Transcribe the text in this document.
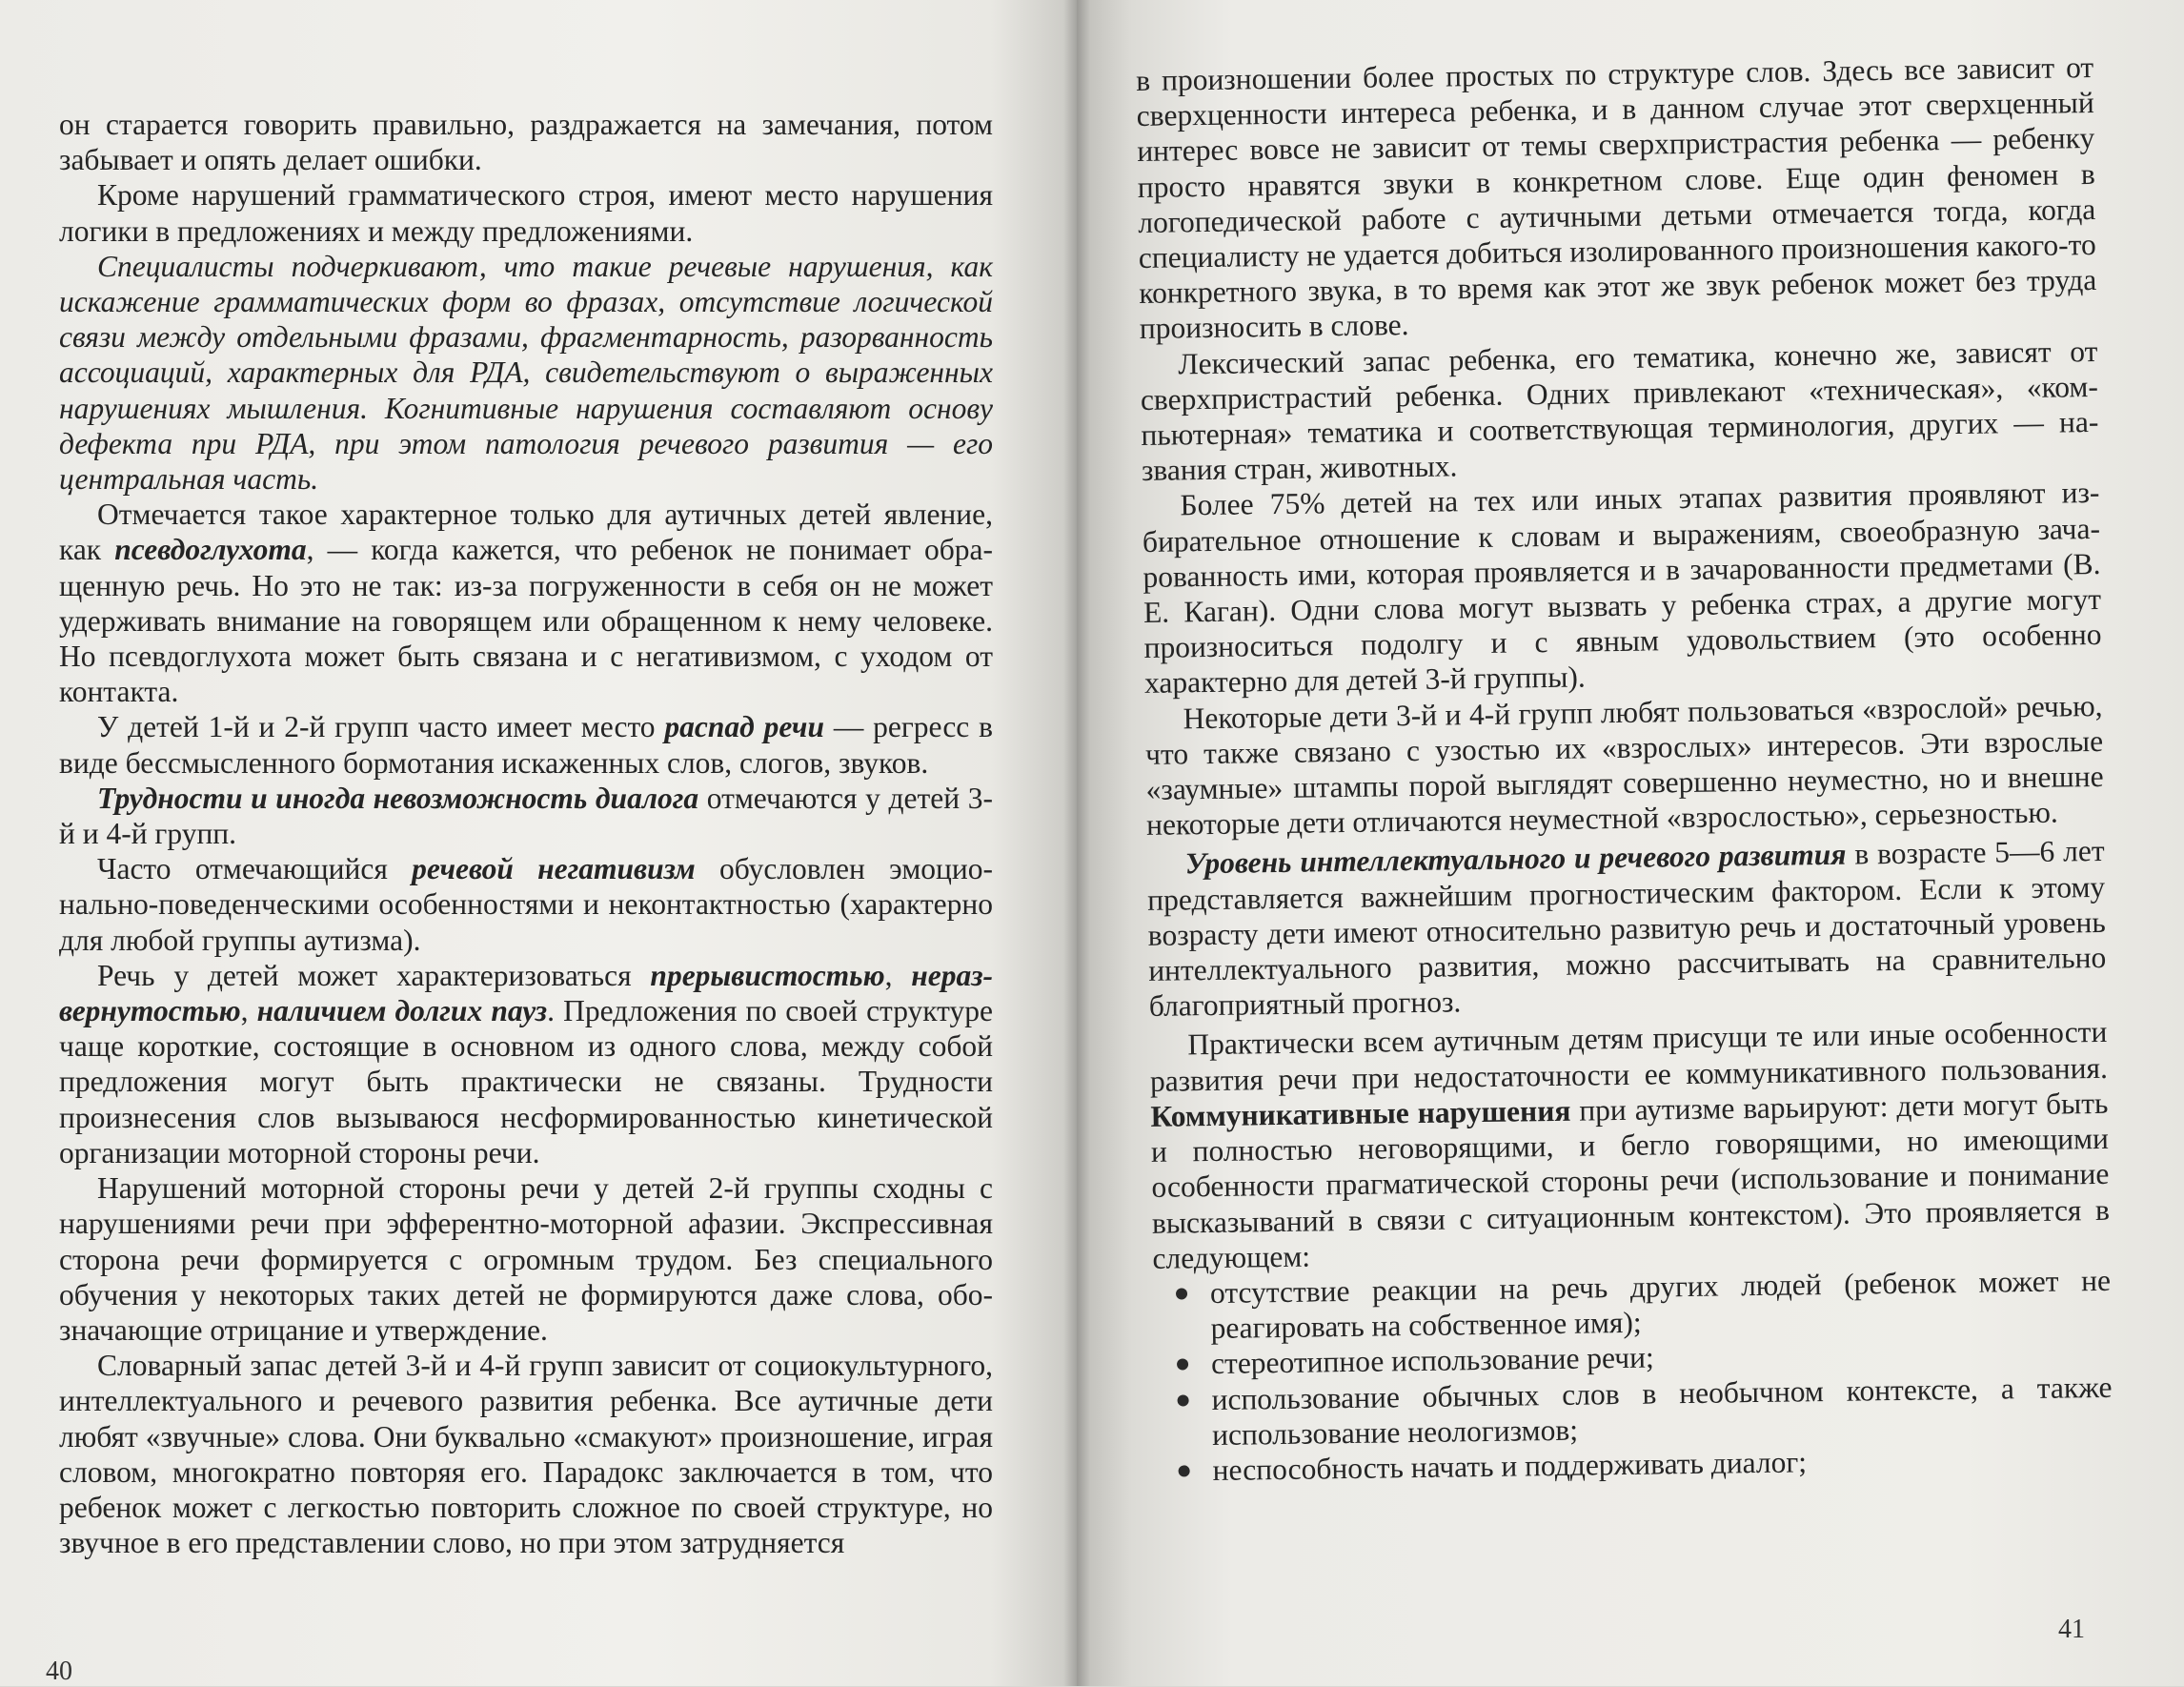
он старается говорить правильно, раздражается на замечания, потом забывает и опять делает ошибки.

Кроме нарушений грамматического строя, имеют место нарушения логики в предложениях и между предложениями.

Специалисты подчеркивают, что такие речевые нарушения, как искажение грамматических форм во фразах, отсутствие логической связи между отдельными фразами, фрагментарность, разорванность ассоциаций, характерных для РДА, свидетельствуют о выраженных нарушениях мышления. Когнитивные нарушения составляют основу дефекта при РДА, при этом патология речевого развития — его центральная часть.

Отмечается такое характерное только для аутичных детей явление, как псевдоглухота, — когда кажется, что ребенок не понимает обращенную речь. Но это не так: из-за погруженности в себя он не может удерживать внимание на говорящем или обращенном к нему человеке. Но псевдоглухота может быть связана и с негативизмом, с уходом от контакта.

У детей 1-й и 2-й групп часто имеет место распад речи — регресс в виде бессмысленного бормотания искаженных слов, слогов, звуков.

Трудности и иногда невозможность диалога отмечаются у детей 3-й и 4-й групп.

Часто отмечающийся речевой негативизм обусловлен эмоционально-поведенческими особенностями и неконтактностью (характерно для любой группы аутизма).

Речь у детей может характеризоваться прерывистостью, неразвернутостью, наличием долгих пауз. Предложения по своей структуре чаще короткие, состоящие в основном из одного слова, между собой предложения могут быть практически не связаны. Трудности произнесения слов вызываюся несформированностью кинетической организации моторной стороны речи.

Нарушений моторной стороны речи у детей 2-й группы сходны с нарушениями речи при эфферентно-моторной афазии. Экспрессивная сторона речи формируется с огромным трудом. Без специального обучения у некоторых таких детей не формируются даже слова, обозначающие отрицание и утверждение.

Словарный запас детей 3-й и 4-й групп зависит от социокультурного, интеллектуального и речевого развития ребенка. Все аутичные дети любят «звучные» слова. Они буквально «смакуют» произношение, играя словом, многократно повторяя его. Парадокс заключается в том, что ребенок может с легкостью повторить сложное по своей структуре, но звучное в его представлении слово, но при этом затрудняется

40

в произношении более простых по структуре слов. Здесь все зависит от сверхценности интереса ребенка, и в данном случае этот сверхценный интерес вовсе не зависит от темы сверхпристрастия ребенка — ребенку просто нравятся звуки в конкретном слове. Еще один феномен в логопедической работе с аутичными детьми отмечается тогда, когда специалисту не удается добиться изолированного произношения какого-то конкретного звука, в то время как этот же звук ребенок может без труда произносить в слове.

Лексический запас ребенка, его тематика, конечно же, зависят от сверхпристрастий ребенка. Одних привлекают «техническая», «компьютерная» тематика и соответствующая терминология, других — названия стран, животных.

Более 75% детей на тех или иных этапах развития проявляют избирательное отношение к словам и выражениям, своеобразную зачарованность ими, которая проявляется и в зачарованности предметами (В. Е. Каган). Одни слова могут вызвать у ребенка страх, а другие могут произноситься подолгу и с явным удовольствием (это особенно характерно для детей 3-й группы).

Некоторые дети 3-й и 4-й групп любят пользоваться «взрослой» речью, что также связано с узостью их «взрослых» интересов. Эти взрослые «заумные» штампы порой выглядят совершенно неуместно, но и внешне некоторые дети отличаются неуместной «взрослостью», серьезностью.

Уровень интеллектуального и речевого развития в возрасте 5—6 лет представляется важнейшим прогностическим фактором. Если к этому возрасту дети имеют относительно развитую речь и достаточный уровень интеллектуального развития, можно рассчитывать на сравнительно благоприятный прогноз.

Практически всем аутичным детям присущи те или иные особенности развития речи при недостаточности ее коммуникативного пользования. Коммуникативные нарушения при аутизме варьируют: дети могут быть и полностью неговорящими, и бегло говорящими, но имеющими особенности прагматической стороны речи (использование и понимание высказываний в связи с ситуационным контекстом). Это проявляется в следующем:

отсутствие реакции на речь других людей (ребенок может не реагировать на собственное имя);
стереотипное использование речи;
использование обычных слов в необычном контексте, а также использование неологизмов;
неспособность начать и поддерживать диалог;
41
